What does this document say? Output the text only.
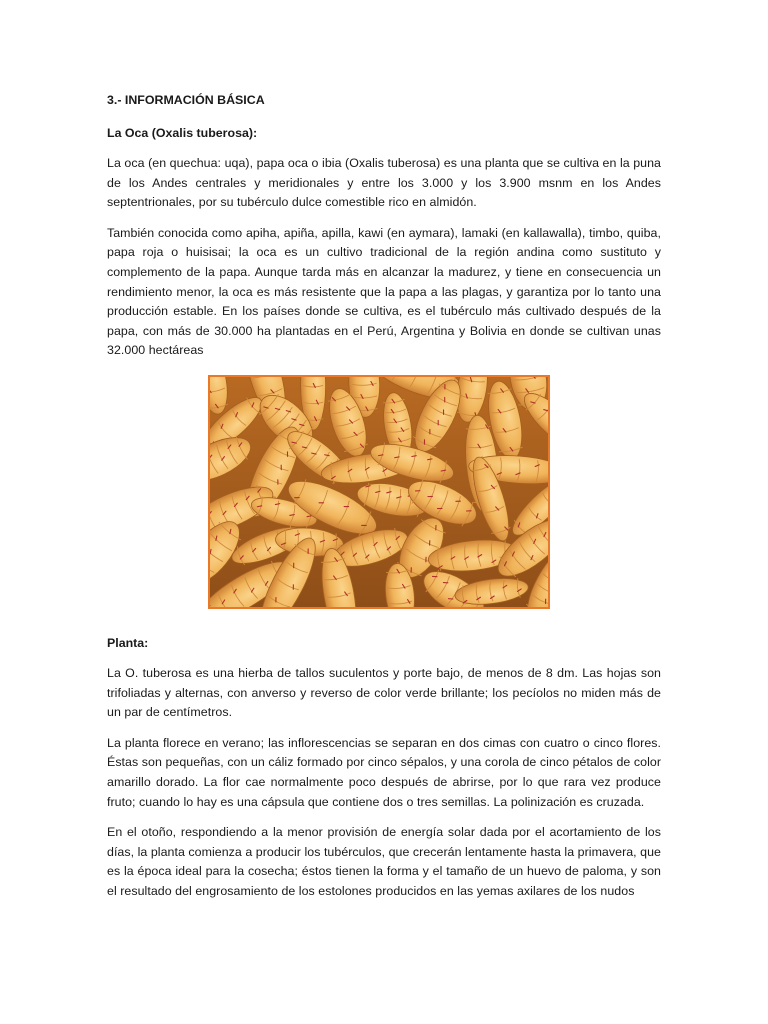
3.- INFORMACIÓN BÁSICA
La Oca (Oxalis tuberosa):

La oca (en quechua: uqa), papa oca o ibia (Oxalis tuberosa) es una planta que se cultiva en la puna de los Andes centrales y meridionales y entre los 3.000 y los 3.900 msnm en los Andes septentrionales, por su tubérculo dulce comestible rico en almidón.

También conocida como apiha, apiña, apilla, kawi (en aymara), lamaki (en kallawalla), timbo, quiba, papa roja o huisisai; la oca es un cultivo tradicional de la región andina como sustituto y complemento de la papa. Aunque tarda más en alcanzar la madurez, y tiene en consecuencia un rendimiento menor, la oca es más resistente que la papa a las plagas, y garantiza por lo tanto una producción estable. En los países donde se cultiva, es el tubérculo más cultivado después de la papa, con más de 30.000 ha plantadas en el Perú, Argentina y Bolivia en donde se cultivan unas 32.000 hectáreas

Planta:

La O. tuberosa es una hierba de tallos suculentos y porte bajo, de menos de 8 dm. Las hojas son trifoliadas y alternas, con anverso y reverso de color verde brillante; los pecíolos no miden más de un par de centímetros.

La planta florece en verano; las inflorescencias se separan en dos cimas con cuatro o cinco flores. Éstas son pequeñas, con un cáliz formado por cinco sépalos, y una corola de cinco pétalos de color amarillo dorado. La flor cae normalmente poco después de abrirse, por lo que rara vez produce fruto; cuando lo hay es una cápsula que contiene dos o tres semillas. La polinización es cruzada.

En el otoño, respondiendo a la menor provisión de energía solar dada por el acortamiento de los días, la planta comienza a producir los tubérculos, que crecerán lentamente hasta la primavera, que es la época ideal para la cosecha; éstos tienen la forma y el tamaño de un huevo de paloma, y son el resultado del engrosamiento de los estolones producidos en las yemas axilares de los nudos
